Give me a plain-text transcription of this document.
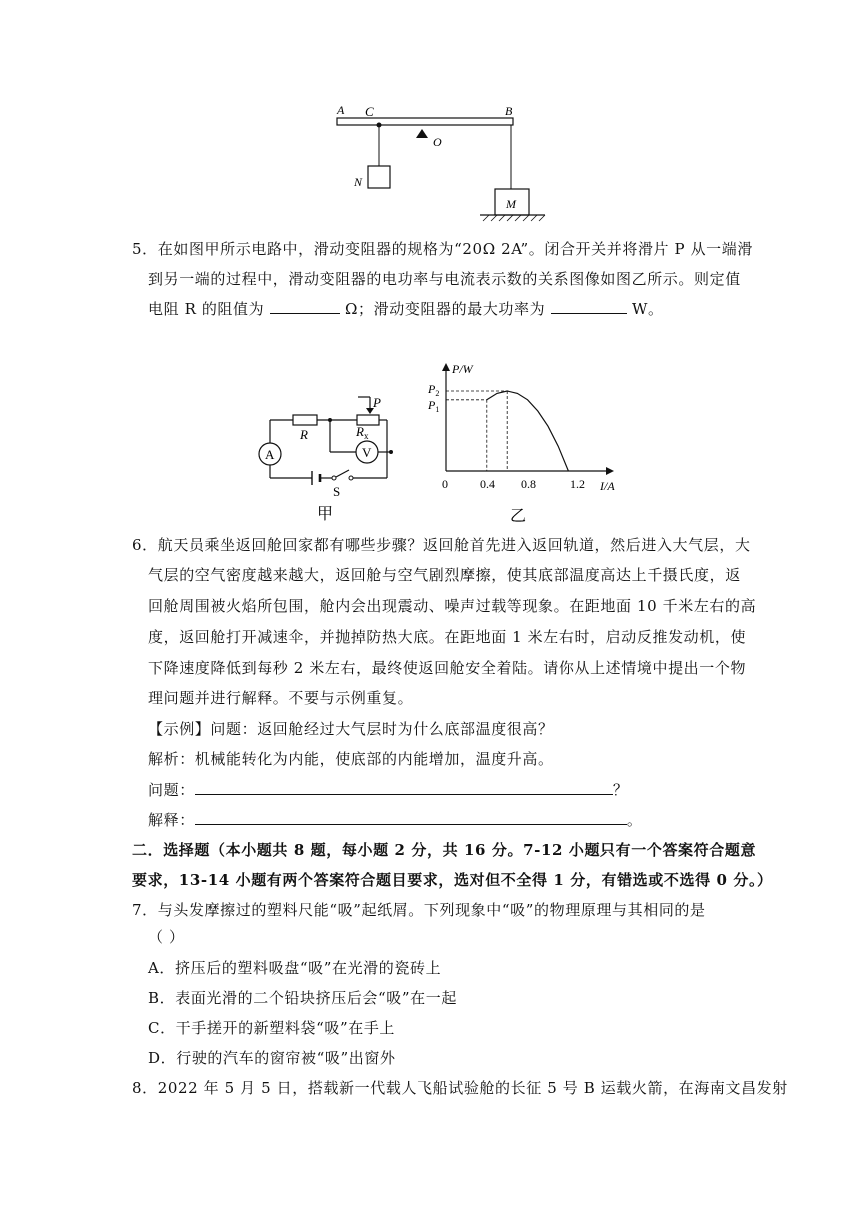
A C	B
O
N
M
5．在如图甲所示电路中，滑动变阻器的规格为“20Ω 2A”。闭合开关并将滑片 P 从一端滑
到另一端的过程中，滑动变阻器的电功率与电流表示数的关系图像如图乙所示。则定值
电阻 R 的阻值为	Ω；滑动变阻器的最大功率为	W。
R
P
$R_x$
A	V
S
甲
P/W
I/A
0	0.4 0.8	1.2
$P_2$
$P_1$
乙
6．航天员乘坐返回舱回家都有哪些步骤？返回舱首先进入返回轨道，然后进入大气层，大
气层的空气密度越来越大，返回舱与空气剧烈摩擦，使其底部温度高达上千摄氏度，返
回舱周围被火焰所包围，舱内会出现震动、噪声过载等现象。在距地面 10 千米左右的高
度，返回舱打开减速伞，并抛掉防热大底。在距地面 1 米左右时，启动反推发动机，使
下降速度降低到每秒 2 米左右，最终使返回舱安全着陆。请你从上述情境中提出一个物
理问题并进行解释。不要与示例重复。
【示例】问题：返回舱经过大气层时为什么底部温度很高？
解析：机械能转化为内能，使底部的内能增加，温度升高。
问题：	？
解释：	。
二．选择题（本小题共 8 题，每小题 2 分，共 16 分。7-12 小题只有一个答案符合题意
要求，13-14 小题有两个答案符合题目要求，选对但不全得 1 分，有错选或不选得 0 分。）
7．与头发摩擦过的塑料尺能“吸”起纸屑。下列现象中“吸”的物理原理与其相同的是
（ ）
A．挤压后的塑料吸盘“吸”在光滑的瓷砖上
B．表面光滑的二个铅块挤压后会“吸”在一起
C．干手搓开的新塑料袋“吸”在手上
D．行驶的汽车的窗帘被“吸”出窗外
8．2022 年 5 月 5 日，搭载新一代载人飞船试验舱的长征 5 号 B 运载火箭，在海南文昌发射
